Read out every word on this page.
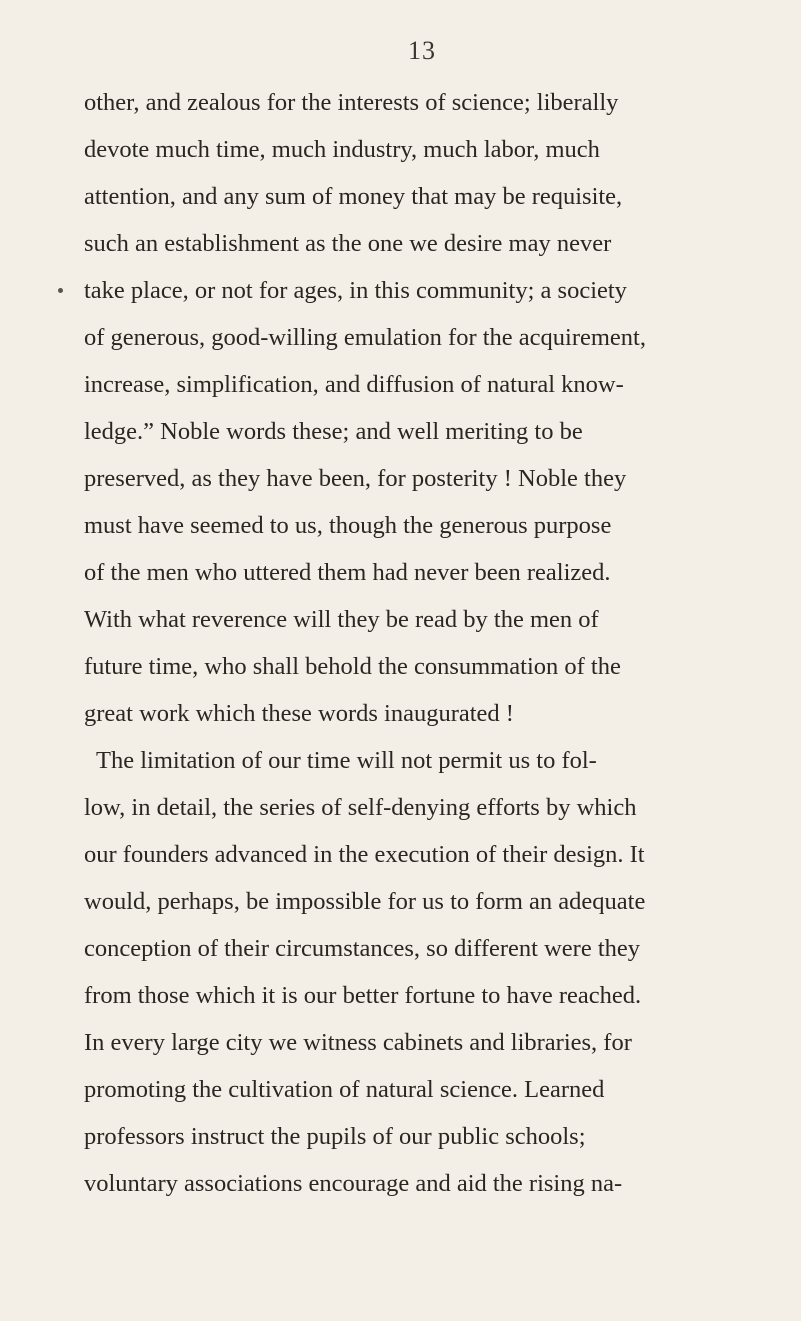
13
other, and zealous for the interests of science; liberally
devote much time, much industry, much labor, much
attention, and any sum of money that may be requisite,
such an establishment as the one we desire may never
take place, or not for ages, in this community; a society
of generous, good-willing emulation for the acquirement,
increase, simplification, and diffusion of natural know-
ledge.” Noble words these; and well meriting to be
preserved, as they have been, for posterity ! Noble they
must have seemed to us, though the generous purpose
of the men who uttered them had never been realized.
With what reverence will they be read by the men of
future time, who shall behold the consummation of the
great work which these words inaugurated !
The limitation of our time will not permit us to fol-
low, in detail, the series of self-denying efforts by which
our founders advanced in the execution of their design. It
would, perhaps, be impossible for us to form an adequate
conception of their circumstances, so different were they
from those which it is our better fortune to have reached.
In every large city we witness cabinets and libraries, for
promoting the cultivation of natural science. Learned
professors instruct the pupils of our public schools;
voluntary associations encourage and aid the rising na-
